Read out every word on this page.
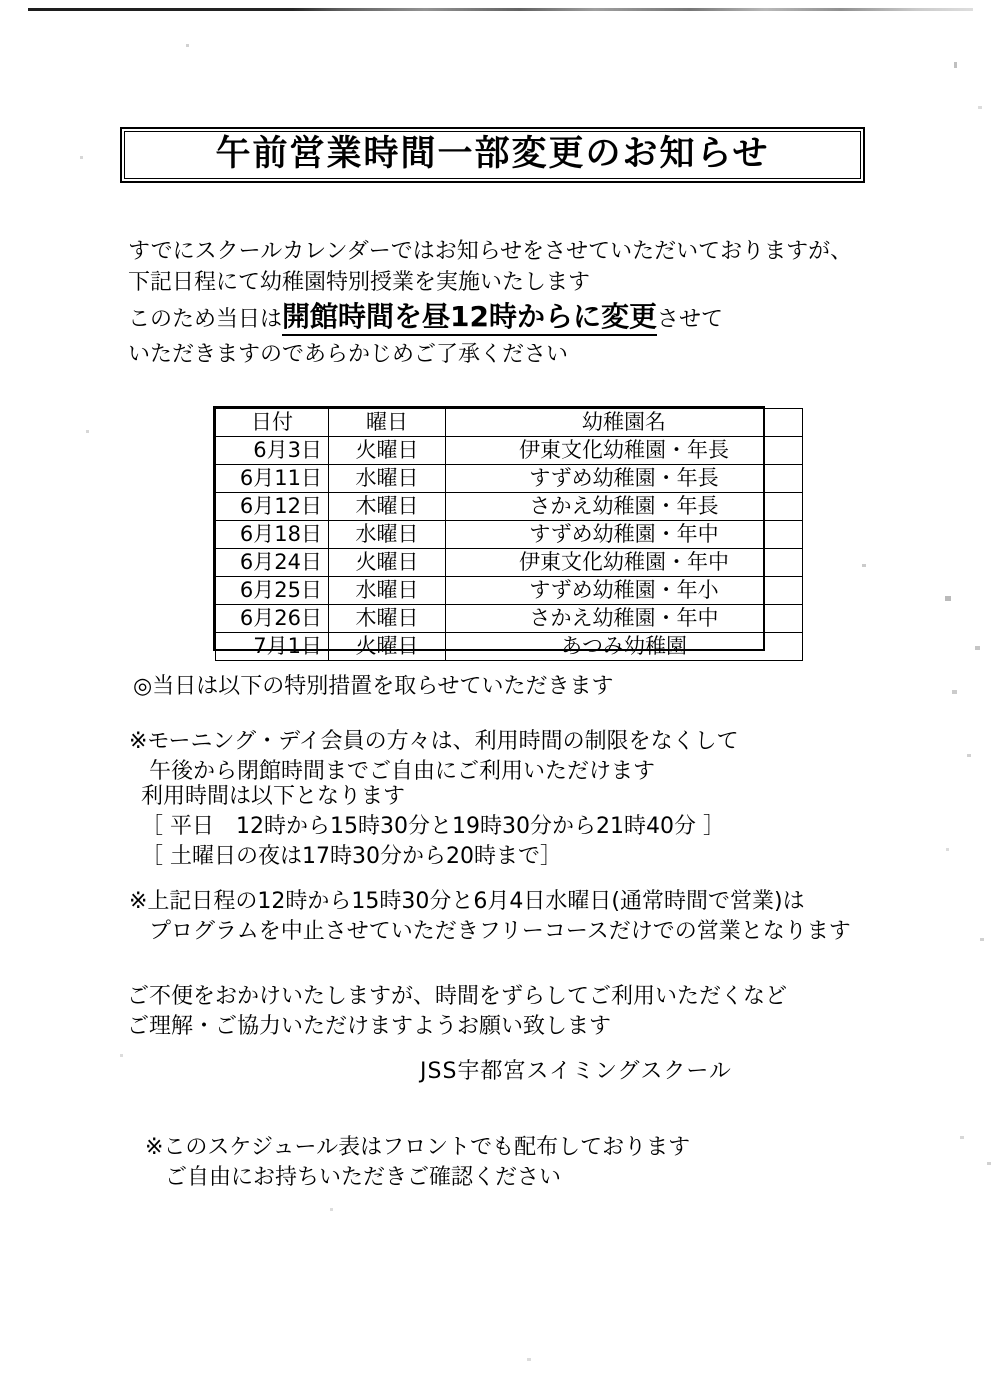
午前営業時間一部変更のお知らせ
すでにスクールカレンダーではお知らせをさせていただいておりますが、
下記日程にて幼稚園特別授業を実施いたします
このため当日は開館時間を昼12時からに変更させて
いただきますのであらかじめご了承ください
日付	曜日	幼稚園名
6月3日	火曜日	伊東文化幼稚園・年長
6月11日	水曜日	すずめ幼稚園・年長
6月12日	木曜日	さかえ幼稚園・年長
6月18日	水曜日	すずめ幼稚園・年中
6月24日	火曜日	伊東文化幼稚園・年中
6月25日	水曜日	すずめ幼稚園・年小
6月26日	木曜日	さかえ幼稚園・年中
7月1日	火曜日	あつみ幼稚園
◎当日は以下の特別措置を取らせていただきます
※モーニング・デイ会員の方々は、利用時間の制限をなくして
午後から閉館時間までご自由にご利用いただけます
利用時間は以下となります
［ 平日　12時から15時30分と19時30分から21時40分 ］
［ 土曜日の夜は17時30分から20時まで］
※上記日程の12時から15時30分と6月4日水曜日(通常時間で営業)は
プログラムを中止させていただきフリーコースだけでの営業となります
ご不便をおかけいたしますが、時間をずらしてご利用いただくなど
ご理解・ご協力いただけますようお願い致します
JSS宇都宮スイミングスクール
※このスケジュール表はフロントでも配布しております
ご自由にお持ちいただきご確認ください
